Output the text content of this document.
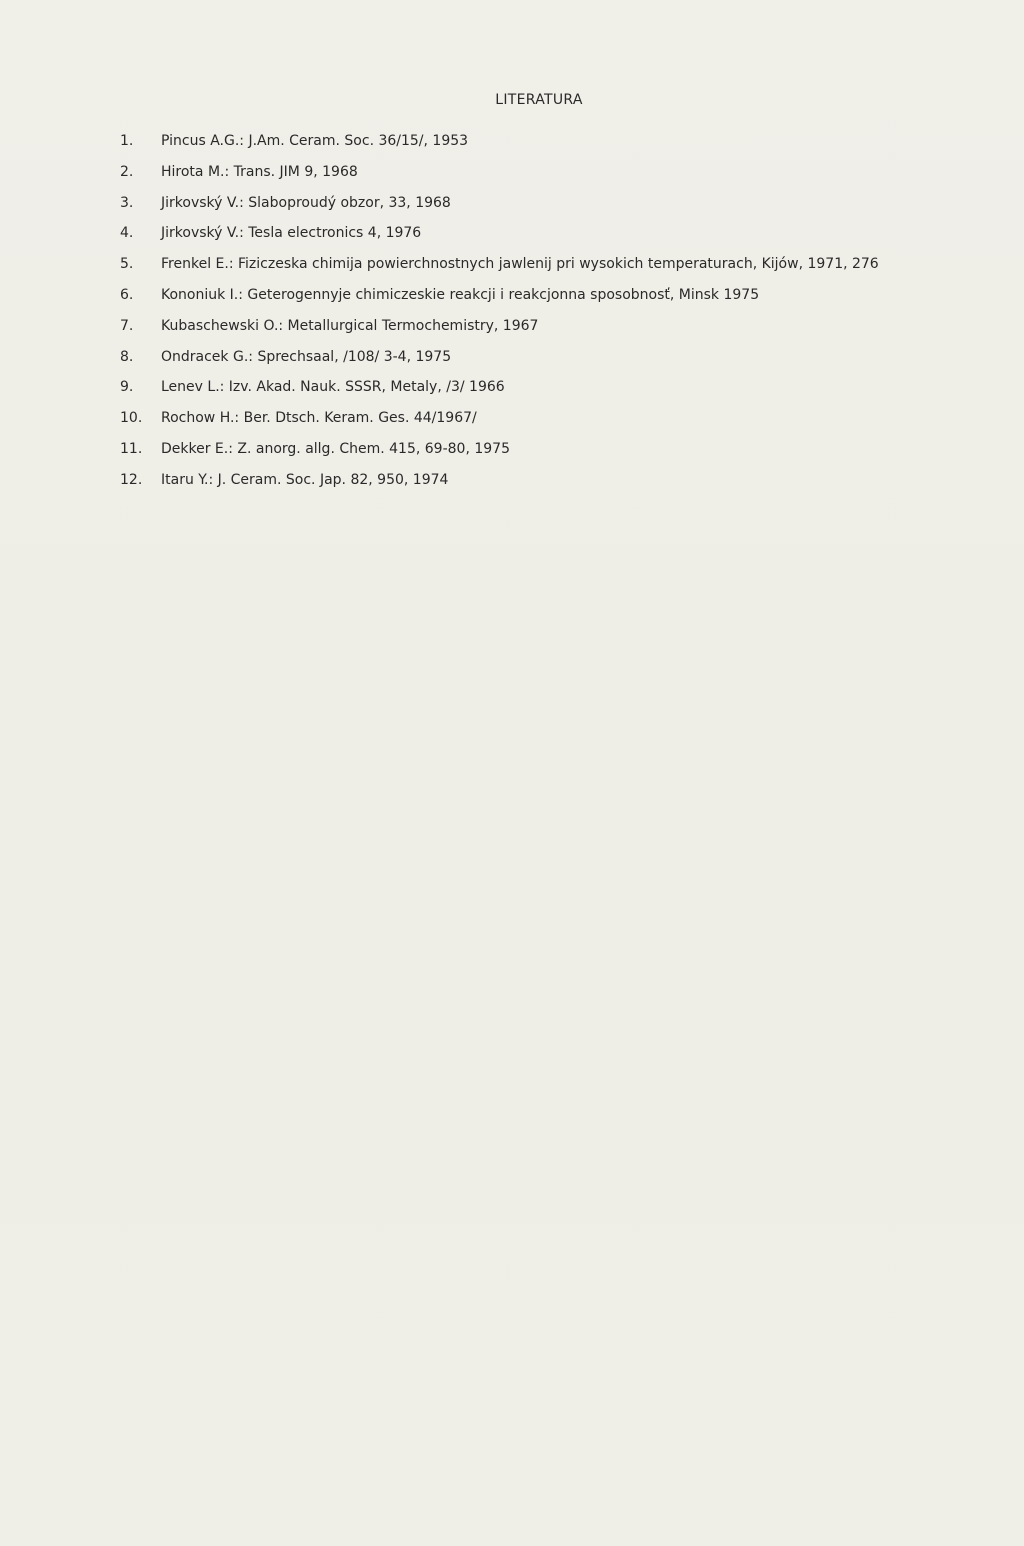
LITERATURA
1.	Pincus A.G.: J.Am. Ceram. Soc. 36/15/, 1953
2.	Hirota M.: Trans. JIM 9, 1968
3.	Jirkovský V.: Slaboproudý obzor, 33, 1968
4.	Jirkovský V.: Tesla electronics 4, 1976
5.	Frenkel E.: Fiziczeska chimija powierchnostnych jawlenij pri wysokich temperaturach, Kijów, 1971, 276
6.	Kononiuk I.: Geterogennyje chimiczeskie reakcji i reakcjonna sposobnosť, Minsk 1975
7.	Kubaschewski O.: Metallurgical Termochemistry, 1967
8.	Ondracek G.: Sprechsaal, /108/ 3-4, 1975
9.	Lenev L.: Izv. Akad. Nauk. SSSR, Metaly, /3/ 1966
10.	Rochow H.: Ber. Dtsch. Keram. Ges. 44/1967/
11.	Dekker E.: Z. anorg. allg. Chem. 415, 69-80, 1975
12.	Itaru Y.: J. Ceram. Soc. Jap. 82, 950, 1974
